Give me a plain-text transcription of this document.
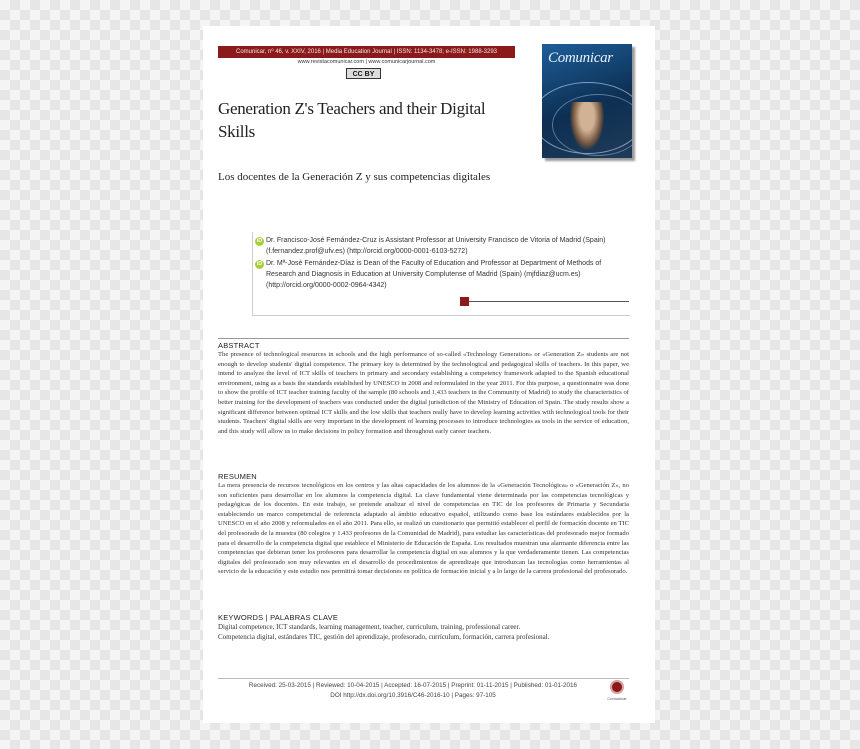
Comunicar, nº 46, v. XXIV, 2016 | Media Education Journal | ISSN: 1134-3478; e-ISSN: 1988-3293
www.revistacomunicar.com | www.comunicarjournal.com
CC BY
Comunicar
Generation Z's Teachers and their Digital Skills
Los docentes de la Generación Z y sus competencias digitales
iD Dr. Francisco-José Fernández-Cruz is Assistant Professor at University Francisco de Vitoria of Madrid (Spain)
(f.fernandez.prof@ufv.es) (http://orcid.org/0000-0001-6103-5272)
iD Dr. Mª-José Fernández-Díaz is Dean of the Faculty of Education and Professor at Department of Methods of
Research and Diagnosis in Education at University Complutense of Madrid (Spain) (mjfdiaz@ucm.es)
(http://orcid.org/0000-0002-0964-4342)
ABSTRACT

The presence of technological resources in schools and the high performance of so-called «Technology Generation» or «Generation Z» students are not enough to develop students' digital competence. The primary key is determined by the technological and pedagogical skills of teachers. In this paper, we intend to analyze the level of ICT skills of teachers in primary and secondary establishing a competency framework adapted to the Spanish educational environment, using as a basis the standards established by UNESCO in 2008 and reformulated in the year 2011. For this purpose, a questionnaire was done to show the profile of ICT teacher training faculty of the sample (80 schools and 1,433 teachers in the Community of Madrid) to study the characteristics of better training for the development of teachers was conducted under the digital jurisdiction of the Ministry of Education of Spain. The study results show a significant difference between optimal ICT skills and the low skills that teachers really have to develop learning activities with technological tools for their students. Teachers' digital skills are very important in the development of learning processes to introduce technologies as tools in the service of education, and this study will allow us to make decisions in policy formation and throughout early career teachers.

RESUMEN

La mera presencia de recursos tecnológicos en los centros y las altas capacidades de los alumnos de la «Generación Tecnológica» o «Generación Z», no son suficientes para desarrollar en los alumnos la competencia digital. La clave fundamental viene determinada por las competencias tecnológicas y pedagógicas de los docentes. En este trabajo, se pretende analizar el nivel de competencias en TIC de los profesores de Primaria y Secundaria estableciendo un marco competencial de referencia adaptado al ámbito educativo español, utilizando como base los estándares establecidos por la UNESCO en el año 2008 y reformulados en el año 2011. Para ello, se realizó un cuestionario que permitió establecer el perfil de formación docente en TIC del profesorado de la muestra (80 colegios y 1.433 profesores de la Comunidad de Madrid), para estudiar las características del profesorado mejor formado para el desarrollo de la competencia digital que establece el Ministerio de Educación de España. Los resultados muestran una alarmante diferencia entre las competencias que debieran tener los profesores para desarrollar la competencia digital en sus alumnos y la que verdaderamente tienen. Las competencias digitales del profesorado son muy relevantes en el desarrollo de procedimientos de aprendizaje que introduzcan las tecnologías como herramientas al servicio de la educación y este estudio nos permitirá tomar decisiones en política de formación inicial y a lo largo de la carrera profesional del profesorado.

KEYWORDS | PALABRAS CLAVE
Digital competence, ICT standards, learning management, teacher, curriculum, training, professional career.
Competencia digital, estándares TIC, gestión del aprendizaje, profesorado, currículum, formación, carrera profesional.
Received: 25-03-2015 | Reviewed: 10-04-2015 | Accepted: 16-07-2015 | Preprint: 01-11-2015 | Published: 01-01-2016
DOI http://dx.doi.org/10.3916/C46-2016-10 | Pages: 97-105	Comunicar
